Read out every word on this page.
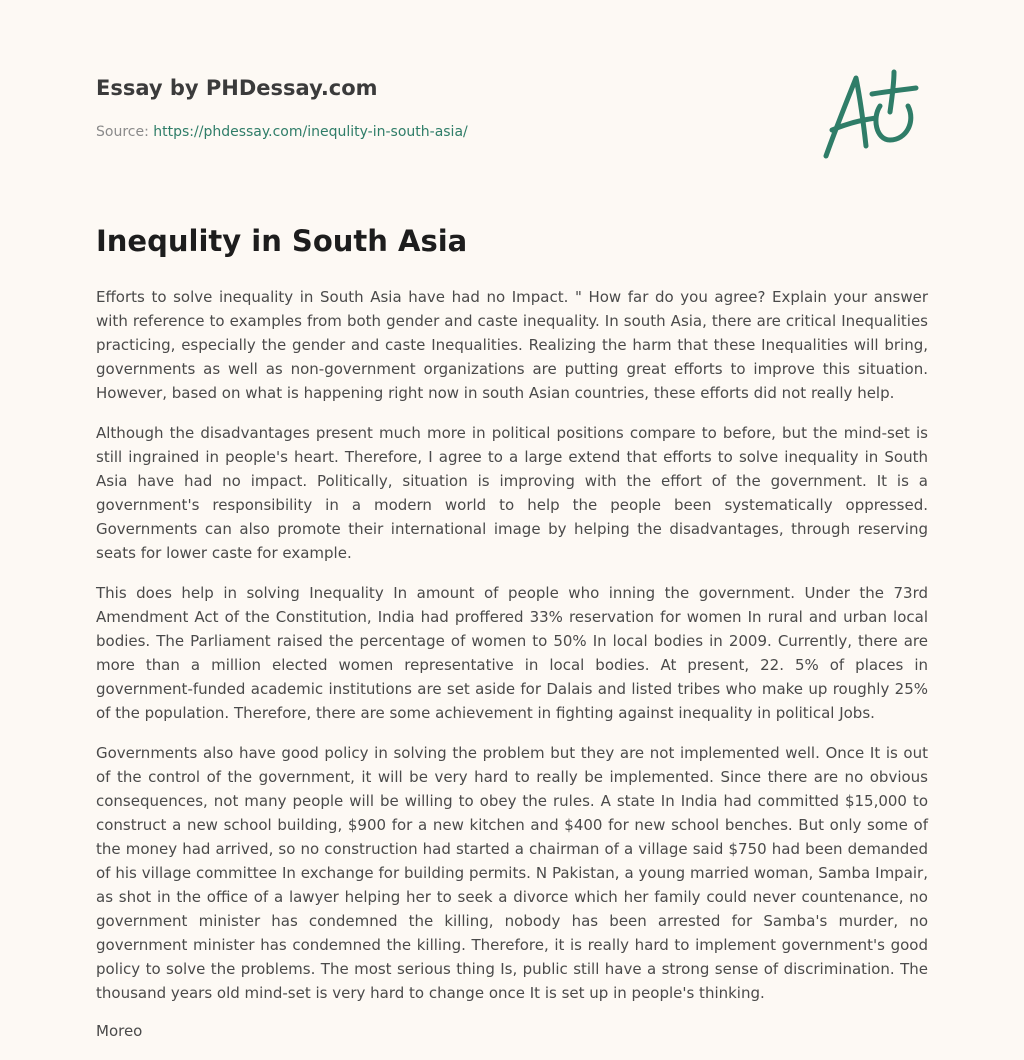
Essay by PHDessay.com
Source: https://phdessay.com/inequlity-in-south-asia/
Inequlity in South Asia

Efforts to solve inequality in South Asia have had no Impact. " How far do you agree? Explain your answer with reference to examples from both gender and caste inequality. In south Asia, there are critical Inequalities practicing, especially the gender and caste Inequalities. Realizing the harm that these Inequalities will bring, governments as well as non-government organizations are putting great efforts to improve this situation. However, based on what is happening right now in south Asian countries, these efforts did not really help.

Although the disadvantages present much more in political positions compare to before, but the mind-set is still ingrained in people's heart. Therefore, I agree to a large extend that efforts to solve inequality in South Asia have had no impact. Politically, situation is improving with the effort of the government. It is a government's responsibility in a modern world to help the people been systematically oppressed. Governments can also promote their international image by helping the disadvantages, through reserving seats for lower caste for example.

This does help in solving Inequality In amount of people who inning the government. Under the 73rd Amendment Act of the Constitution, India had proffered 33% reservation for women In rural and urban local bodies. The Parliament raised the percentage of women to 50% In local bodies in 2009. Currently, there are more than a million elected women representative in local bodies. At present, 22. 5% of places in government-funded academic institutions are set aside for Dalais and listed tribes who make up roughly 25% of the population. Therefore, there are some achievement in fighting against inequality in political Jobs.

Governments also have good policy in solving the problem but they are not implemented well. Once It is out of the control of the government, it will be very hard to really be implemented. Since there are no obvious consequences, not many people will be willing to obey the rules. A state In India had committed $15,000 to construct a new school building, $900 for a new kitchen and $400 for new school benches. But only some of the money had arrived, so no construction had started a chairman of a village said $750 had been demanded of his village committee In exchange for building permits. N Pakistan, a young married woman, Samba Impair, as shot in the office of a lawyer helping her to seek a divorce which her family could never countenance, no government minister has condemned the killing, nobody has been arrested for Samba's murder, no government minister has condemned the killing. Therefore, it is really hard to implement government's good policy to solve the problems. The most serious thing Is, public still have a strong sense of discrimination. The thousand years old mind-set is very hard to change once It is set up in people's thinking.

Moreo
